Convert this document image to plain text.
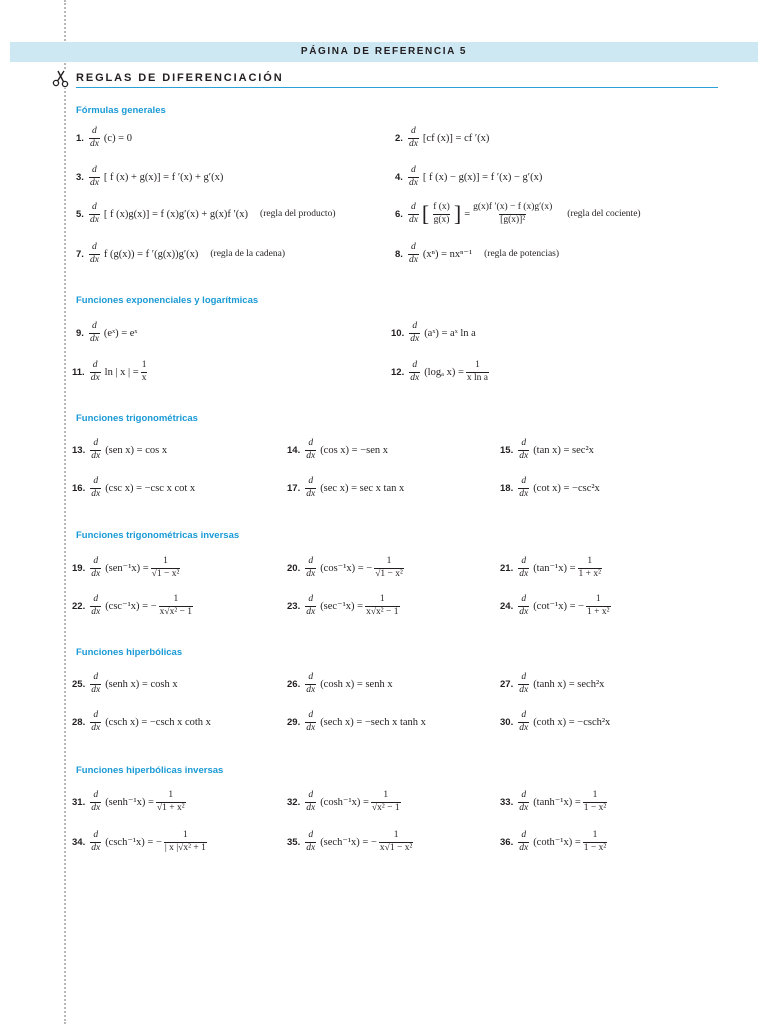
PÁGINA DE REFERENCIA 5
REGLAS DE DIFERENCIACIÓN
Fórmulas generales
Funciones exponenciales y logarítmicas
Funciones trigonométricas
Funciones trigonométricas inversas
Funciones hiperbólicas
Funciones hiperbólicas inversas
1. $\frac{d}{dx} (c) = 0$	2. $\frac{d}{dx} [cf$ (x)] = cf ′(x)
3. $\frac{d}{dx}$ [ f (x) + g(x)] = f ′(x) + g′(x)	4. $\frac{d}{dx}$ [ f (x) − g(x)] = f ′(x) − g′(x)
5. $\frac{d}{dx}$ [ f (x)g(x)] = f (x)g′(x) + g(x)f ′(x) (regla del producto)	6. $\frac{d}{dx}$ [ $\frac{f (x)}{g(x)}$ ] = $\frac{g(x)f '(x) - f (x)g'(x)}{\text{[g(x)]²}}$ (regla del cociente)
7. $\frac{d}{dx}$ f (g(x)) = f ′(g(x))g′(x) (regla de la cadena)	8. $\frac{d}{dx} (x^n) = nx^{n-1}$ (regla de potencias)
9. $\frac{d}{dx}$ (eˣ) = eˣ	10. $\frac{d}{dx}$ (aˣ) = aˣ ln a
11. $\frac{d}{dx}$ ln | x | = $\frac{1}{x}$	12. $\frac{d}{dx} (\log_a$ $x) = \frac{1}{\text{x ln a}}$
13. $\frac{d}{dx} (sen$ x) = cos x	14. $\frac{d}{dx} (\cos$ x) = −sen x	15. $\frac{d}{dx} (\tan$ x) = sec²x
16. $\frac{d}{dx} (\csc$ x) = −csc x cot x	17. $\frac{d}{dx} (\sec$ x) = sec x tan x	18. $\frac{d}{dx} (\cot$ x) = −csc²x
19. $\frac{d}{dx} (sen^{-1}x) = \frac{1}{\text{√1 − x²}}$	20. $\frac{d}{dx} (\cos^{-1}x)$ = − $\frac{1}{\text{√1 − x²}}$	21. $\frac{d}{dx} (\tan^{-1}x) = \frac{1}{\text{1 + x²}}$
22. $\frac{d}{dx} (\csc^{-1}x)$ = − $\frac{1}{\text{x√x² − 1}}$	23. $\frac{d}{dx} (\sec^{-1}x) = \frac{1}{\text{x√x² − 1}}$	24. $\frac{d}{dx} (\cot^{-1}x)$ = − $\frac{1}{\text{1 + x²}}$
25. $\frac{d}{dx}$ (senh x) = cosh x	26. $\frac{d}{dx} (\cosh$ x) = senh x	27. $\frac{d}{dx} (\tanh$ x) = sech²x
28. $\frac{d}{dx} (\csc h$ x) = −csch x coth x	29. $\frac{d}{dx} (\sec h$ x) = −sech x tanh x	30. $\frac{d}{dx} (\cot h$ x) = −csch²x
31. $\frac{d}{dx}$ (senh⁻¹x) = $\frac{1}{\text{√1 + x²}}$	32. $\frac{d}{dx} (\cosh^{-1}x) = \frac{1}{\text{√x² − 1}}$	33. $\frac{d}{dx} (\tanh^{-1}x) = \frac{1}{\text{1 − x²}}$
34. $\frac{d}{dx} (\csc h^{-1}x)$ = − $\frac{1}{\text{| x |√x² + 1}}$	35. $\frac{d}{dx} (\sec h^{-1}x)$ = − $\frac{1}{\text{x√1 − x²}}$	36. $\frac{d}{dx} (\cot h^{-1}x) = \frac{1}{\text{1 − x²}}$
